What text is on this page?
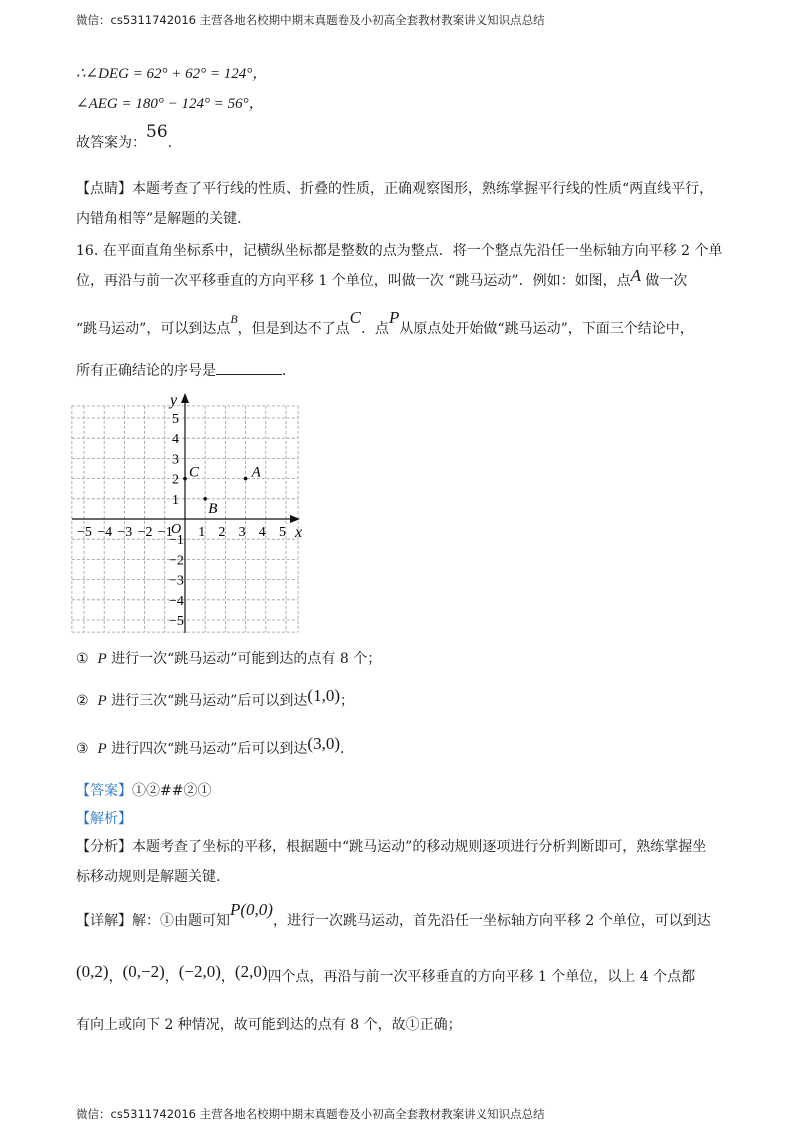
微信：cs5311742016 主营各地名校期中期末真题卷及小初高全套教材教案讲义知识点总结
∴∠DEG = 62° + 62° = 124°，
∠AEG = 180° − 124° = 56°，
故答案为：56.
【点睛】本题考查了平行线的性质、折叠的性质，正确观察图形，熟练掌握平行线的性质“两直线平行，
内错角相等”是解题的关键.
16. 在平面直角坐标系中，记横纵坐标都是整数的点为整点．将一个整点先沿任一坐标轴方向平移 2 个单
位，再沿与前一次平移垂直的方向平移 1 个单位，叫做一次 “跳马运动”．例如：如图，点A 做一次
“跳马运动”，可以到达点B，但是到达不了点C．点P从原点处开始做“跳马运动”，下面三个结论中，
所有正确结论的序号是	．
−5 −4 −3 −2 −1 1 2 3 4 5
1
2
3
4
5
−1
−2
−3
−4
−5
x
y
O
A
B
C
① P 进行一次“跳马运动”可能到达的点有 8 个；
② P 进行三次“跳马运动”后可以到达(1,0)；
③ P 进行四次“跳马运动”后可以到达(3,0)．
【答案】①②##②①
【解析】
【分析】本题考查了坐标的平移，根据题中“跳马运动”的移动规则逐项进行分析判断即可，熟练掌握坐
标移动规则是解题关键.
【详解】解：①由题可知P(0,0)，进行一次跳马运动，首先沿任一坐标轴方向平移 2 个单位，可以到达
(0,2)，(0,−2)，(−2,0)，(2,0)四个点，再沿与前一次平移垂直的方向平移 1 个单位，以上 4 个点都
有向上或向下 2 种情况，故可能到达的点有 8 个，故①正确；
微信：cs5311742016 主营各地名校期中期末真题卷及小初高全套教材教案讲义知识点总结
